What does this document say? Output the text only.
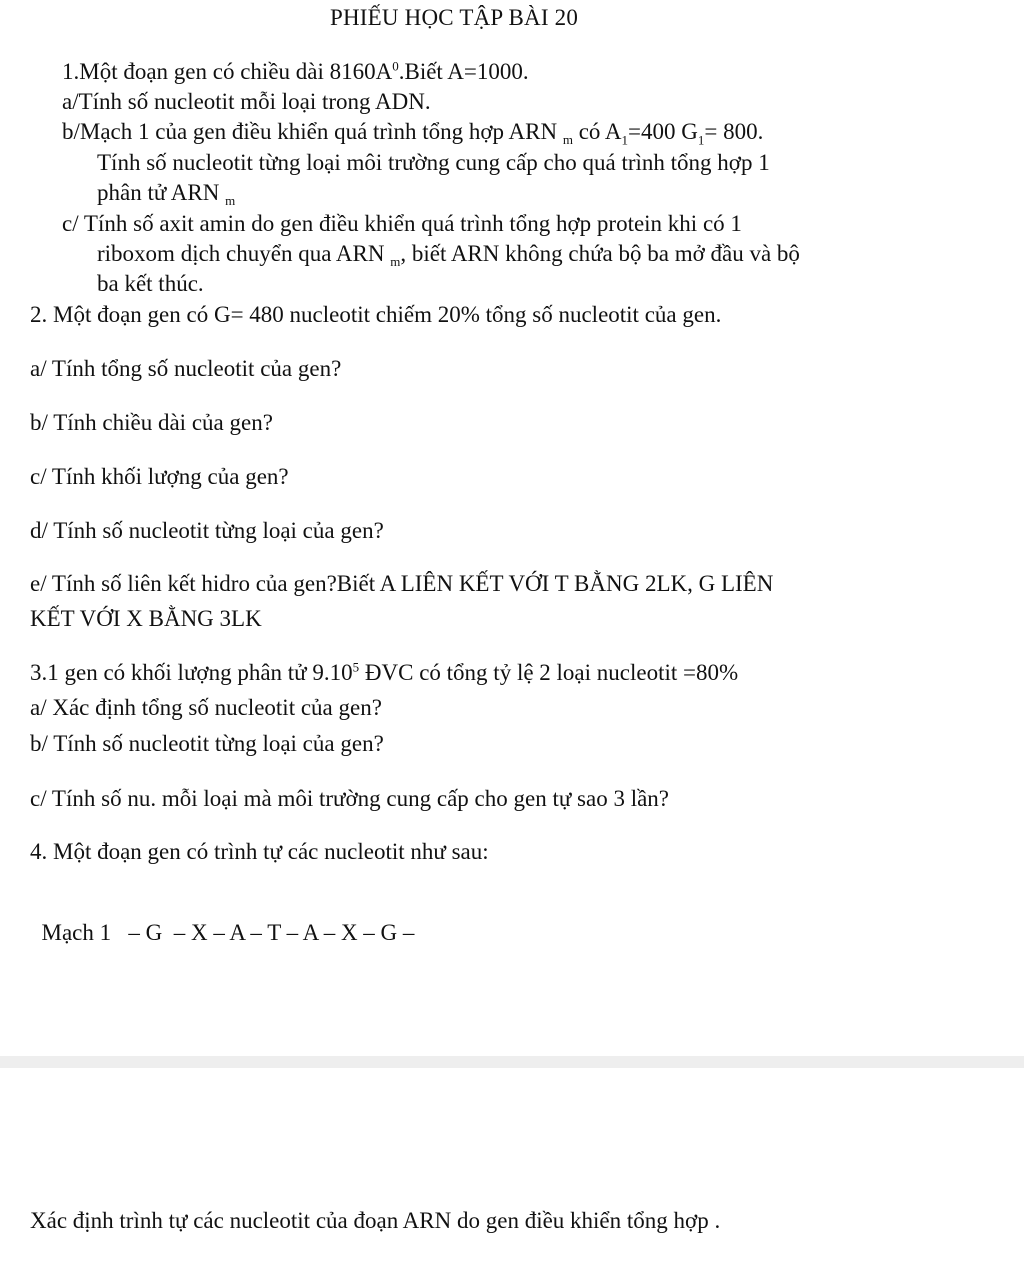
PHIẾU HỌC TẬP BÀI 20
1.Một đoạn gen có chiều dài $8160A^0.Biết$ A=1000.
a/Tính số nucleotit mỗi loại trong ADN.
b/Mạch 1 của gen điều khiển quá trình tổng hợp ARN $_m$ có $A_1=400$ $G_1= 800$.
Tính số nucleotit từng loại môi trường cung cấp cho quá trình tổng hợp 1
phân tử ARN $_m$
c/ Tính số axit amin do gen điều khiển quá trình tổng hợp protein khi có 1
riboxom dịch chuyển qua ARN $_m$, biết ARN không chứa bộ ba mở đầu và bộ
ba kết thúc.
2. Một đoạn gen có G= 480 nucleotit chiếm 20% tổng số nucleotit của gen.
a/ Tính tổng số nucleotit của gen?
b/ Tính chiều dài của gen?
c/ Tính khối lượng của gen?
d/ Tính số nucleotit từng loại của gen?
e/ Tính số liên kết hidro của gen?Biết A LIÊN KẾT VỚI T BẰNG 2LK, G LIÊN
KẾT VỚI X BẰNG 3LK
3.1 gen có khối lượng phân tử 9.10$^5$ ĐVC có tổng tỷ lệ 2 loại nucleotit =80%
a/ Xác định tổng số nucleotit của gen?
b/ Tính số nucleotit từng loại của gen?
c/ Tính số nu. mỗi loại mà môi trường cung cấp cho gen tự sao 3 lần?
4. Một đoạn gen có trình tự các nucleotit như sau:

Mạch 1   – G  – X – A – T – A – X – G –

Xác định trình tự các nucleotit của đoạn ARN do gen điều khiển tổng hợp .
